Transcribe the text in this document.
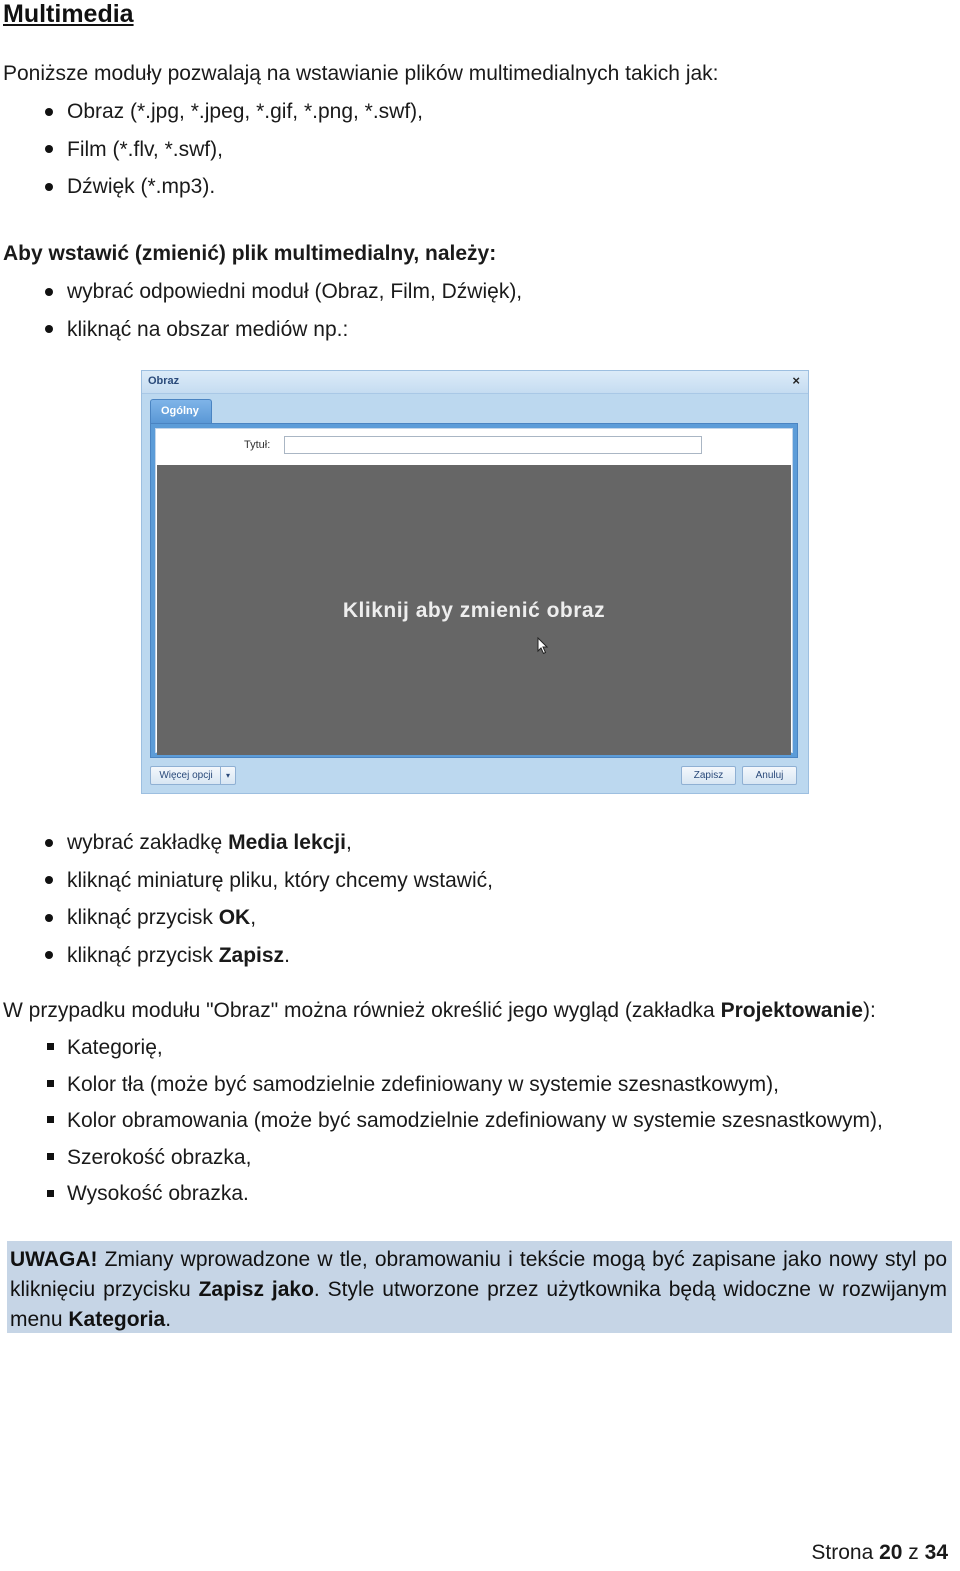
Multimedia

Poniższe moduły pozwalają na wstawianie plików multimedialnych takich jak:

Obraz (*.jpg, *.jpeg, *.gif, *.png, *.swf),
Film (*.flv, *.swf),
Dźwięk (*.mp3).

Aby wstawić (zmienić) plik multimedialny, należy:

wybrać odpowiedni moduł (Obraz, Film, Dźwięk),
kliknąć na obszar mediów np.:
Obraz	×
Ogólny
Tytuł:
Kliknij aby zmienić obraz
Więcej opcji	▾	Zapisz	Anuluj
wybrać zakładkę Media lekcji,
kliknąć miniaturę pliku, który chcemy wstawić,
kliknąć przycisk OK,
kliknąć przycisk Zapisz.

W przypadku modułu "Obraz" można również określić jego wygląd (zakładka Projektowanie):

Kategorię,
Kolor tła (może być samodzielnie zdefiniowany w systemie szesnastkowym),
Kolor obramowania (może być samodzielnie zdefiniowany w systemie szesnastkowym),
Szerokość obrazka,
Wysokość obrazka.
UWAGA! Zmiany wprowadzone w tle, obramowaniu i tekście mogą być zapisane jako nowy styl po kliknięciu przycisku Zapisz jako. Style utworzone przez użytkownika będą widoczne w rozwijanym menu Kategoria.
Strona 20 z 34
